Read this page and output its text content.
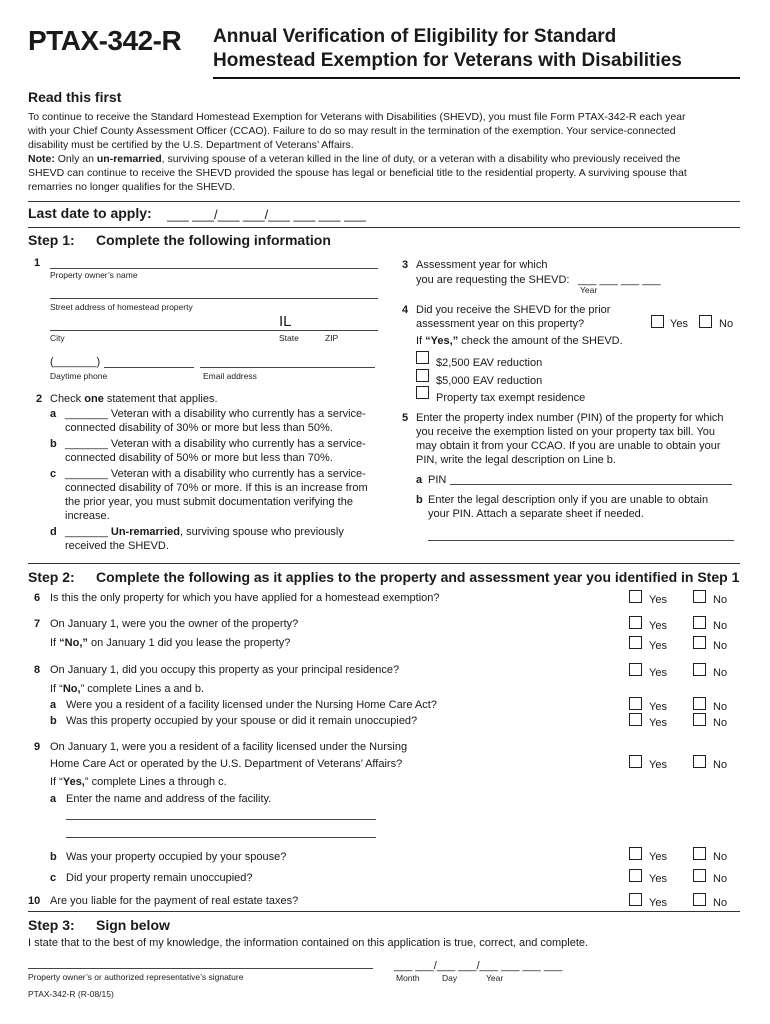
PTAX-342-R Annual Verification of Eligibility for Standard
Homestead Exemption for Veterans with Disabilities
Read this first
To continue to receive the Standard Homestead Exemption for Veterans with Disabilities (SHEVD), you must file Form PTAX-342-R each year
with your Chief County Assessment Officer (CCAO). Failure to do so may result in the termination of the exemption. Your service-connected
disability must be certified by the U.S. Department of Veterans’ Affairs.
Note: Only an un-remarried, surviving spouse of a veteran killed in the line of duty, or a veteran with a disability who previously received the
SHEVD can continue to receive the SHEVD provided the spouse has legal or beneficial title to the residential property. A surviving spouse that
remarries no longer qualifies for the SHEVD.
Last date to apply: ___ ___/___ ___/___ ___ ___ ___
Step 1: Complete the following information
1
Property owner’s name
Street address of homestead property
IL
City	State	ZIP
(_______)
Daytime phone	Email address
2 Check one statement that applies.
a _______ Veteran with a disability who currently has a service-
connected disability of 30% or more but less than 50%.
b _______ Veteran with a disability who currently has a service-
connected disability of 50% or more but less than 70%.
c _______ Veteran with a disability who currently has a service-
connected disability of 70% or more. If this is an increase from
the prior year, you must submit documentation verifying the
increase.
d _______ Un-remarried, surviving spouse who previously
received the SHEVD.
3 Assessment year for which
you are requesting the SHEVD: ___ ___ ___ ___
Year
4 Did you receive the SHEVD for the prior
assessment year on this property?	Yes	No
If “Yes,” check the amount of the SHEVD.
$2,500 EAV reduction
$5,000 EAV reduction
Property tax exempt residence
5 Enter the property index number (PIN) of the property for which
you receive the exemption listed on your property tax bill. You
may obtain it from your CCAO. If you are unable to obtain your
PIN, write the legal description on Line b.
a PIN
b Enter the legal description only if you are unable to obtain
your PIN. Attach a separate sheet if needed.
Step 2: Complete the following as it applies to the property and assessment year you identified in Step 1
6 Is this the only property for which you have applied for a homestead exemption?	Yes	No
7 On January 1, were you the owner of the property?	Yes	No
If “No,” on January 1 did you lease the property?	Yes	No
8 On January 1, did you occupy this property as your principal residence?	Yes	No
If “No,” complete Lines a and b.
a Were you a resident of a facility licensed under the Nursing Home Care Act?	Yes	No
b Was this property occupied by your spouse or did it remain unoccupied?	Yes	No
9 On January 1, were you a resident of a facility licensed under the Nursing
Home Care Act or operated by the U.S. Department of Veterans’ Affairs?	Yes	No
If “Yes,” complete Lines a through c.
a Enter the name and address of the facility.
b Was your property occupied by your spouse?	Yes	No
c Did your property remain unoccupied?	Yes	No
10 Are you liable for the payment of real estate taxes?	Yes	No
Step 3: Sign below
I state that to the best of my knowledge, the information contained on this application is true, correct, and complete.
Property owner’s or authorized representative’s signature
___ ___/___ ___/___ ___ ___ ___
Month	Day	Year
PTAX-342-R (R-08/15)
